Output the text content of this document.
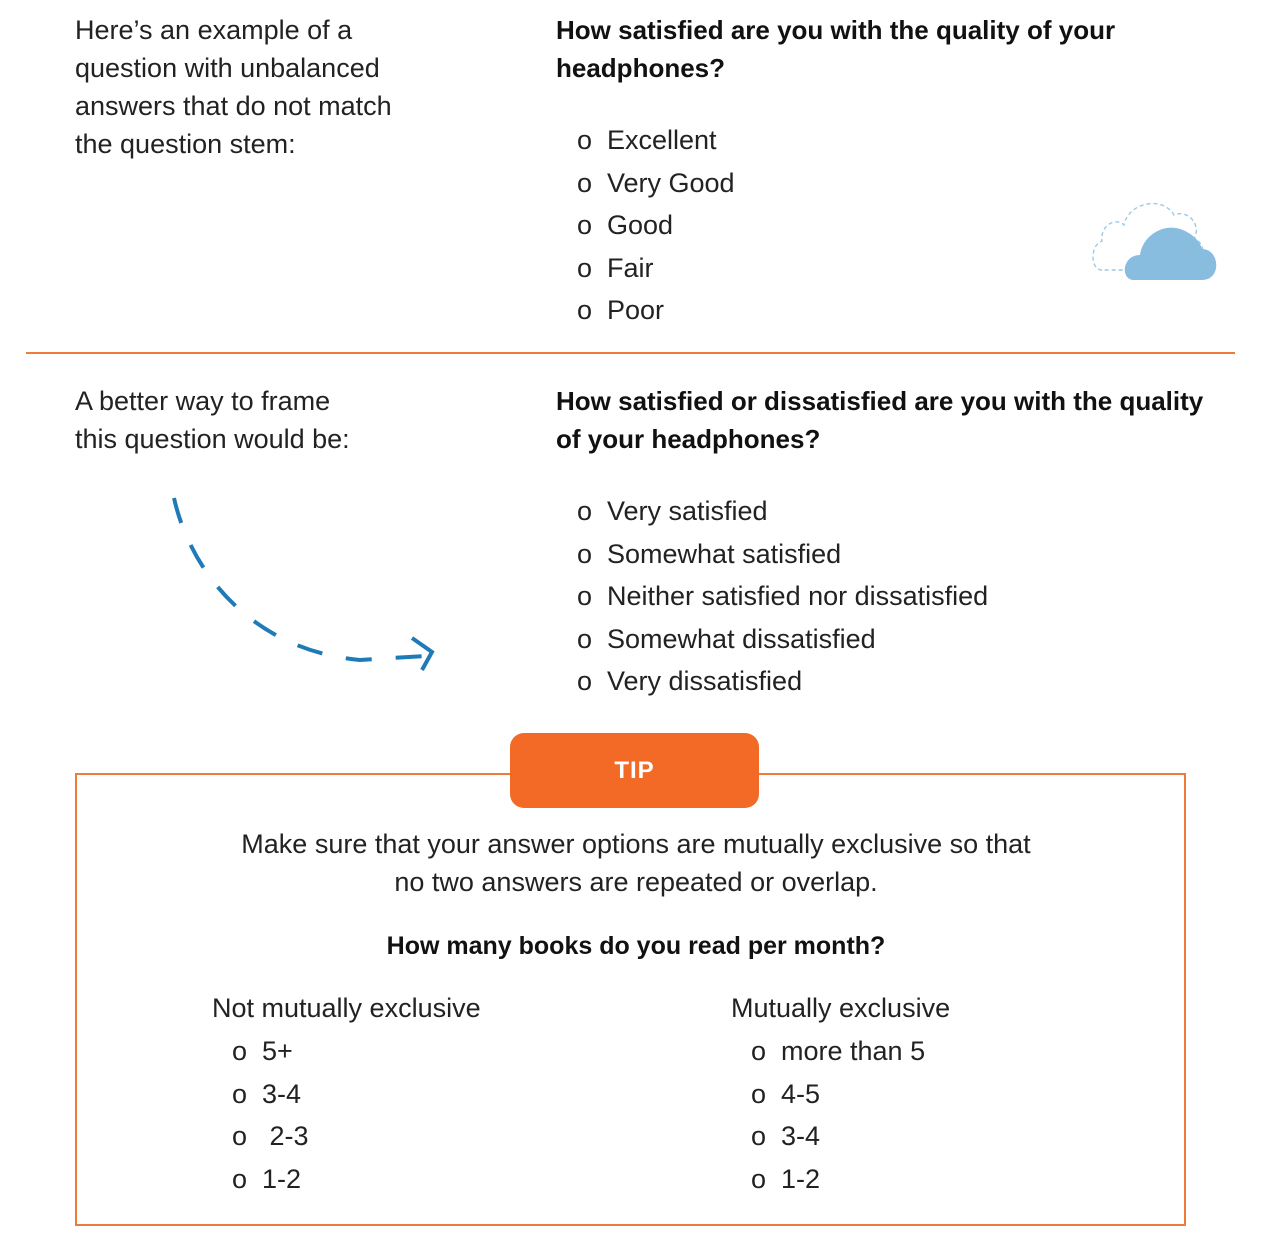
Here’s an example of a
question with unbalanced
answers that do not match
the question stem:
How satisfied are you with the quality of your
headphones?
o Excellent
o Very Good
o Good
o Fair
o Poor
A better way to frame
this question would be:
How satisfied or dissatisfied are you with the quality
of your headphones?
o Very satisfied
o Somewhat satisfied
o Neither satisfied nor dissatisfied
o Somewhat dissatisfied
o Very dissatisfied
TIP
Make sure that your answer options are mutually exclusive so that
no two answers are repeated or overlap.
How many books do you read per month?
Not mutually exclusive
o 5+
o 3-4
o 2-3
o 1-2
Mutually exclusive
o more than 5
o 4-5
o 3-4
o 1-2
